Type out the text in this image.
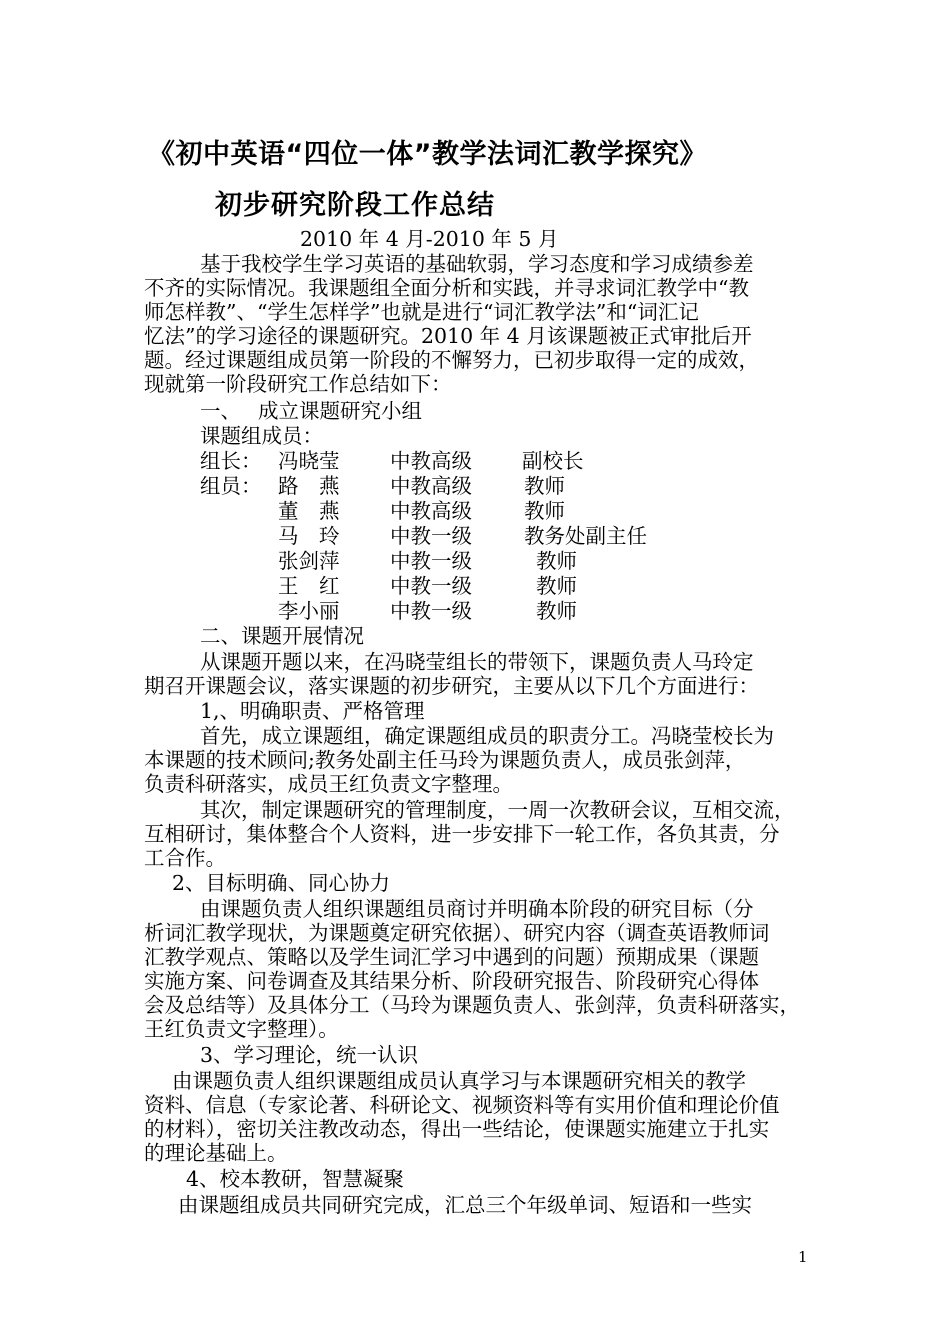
《初中英语“四位一体”教学法词汇教学探究》
初步研究阶段工作总结
2010 年 4 月-2010 年 5 月
基于我校学生学习英语的基础软弱，学习态度和学习成绩参差
不齐的实际情况。我课题组全面分析和实践，并寻求词汇教学中“教
师怎样教”、“学生怎样学”也就是进行“词汇教学法”和“词汇记
忆法”的学习途径的课题研究。2010 年 4 月该课题被正式审批后开
题。经过课题组成员第一阶段的不懈努力，已初步取得一定的成效，
现就第一阶段研究工作总结如下：
一、 成立课题研究小组
课题组成员：
组长： 冯晓莹 中教高级 副校长
组员： 路　燕 中教高级	教师
董　燕 中教高级	教师
马　玲 中教一级	教务处副主任
张剑萍 中教一级	教师
王　红 中教一级	教师
李小丽 中教一级	教师
二、课题开展情况
从课题开题以来，在冯晓莹组长的带领下，课题负责人马玲定
期召开课题会议，落实课题的初步研究，主要从以下几个方面进行：
1,、明确职责、严格管理
首先，成立课题组，确定课题组成员的职责分工。冯晓莹校长为
本课题的技术顾问;教务处副主任马玲为课题负责人，成员张剑萍，
负责科研落实，成员王红负责文字整理。
其次，制定课题研究的管理制度，一周一次教研会议，互相交流，
互相研讨，集体整合个人资料，进一步安排下一轮工作，各负其责，分
工合作。
2、目标明确、同心协力
由课题负责人组织课题组员商讨并明确本阶段的研究目标（分
析词汇教学现状，为课题奠定研究依据）、研究内容（调查英语教师词
汇教学观点、策略以及学生词汇学习中遇到的问题）预期成果（课题
实施方案、问卷调查及其结果分析、阶段研究报告、阶段研究心得体
会及总结等）及具体分工（马玲为课题负责人、张剑萍，负责科研落实，
王红负责文字整理）。
3、学习理论，统一认识
由课题负责人组织课题组成员认真学习与本课题研究相关的教学
资料、信息（专家论著、科研论文、视频资料等有实用价值和理论价值
的材料），密切关注教改动态，得出一些结论，使课题实施建立于扎实
的理论基础上。
4、校本教研，智慧凝聚
由课题组成员共同研究完成，汇总三个年级单词、短语和一些实
1
